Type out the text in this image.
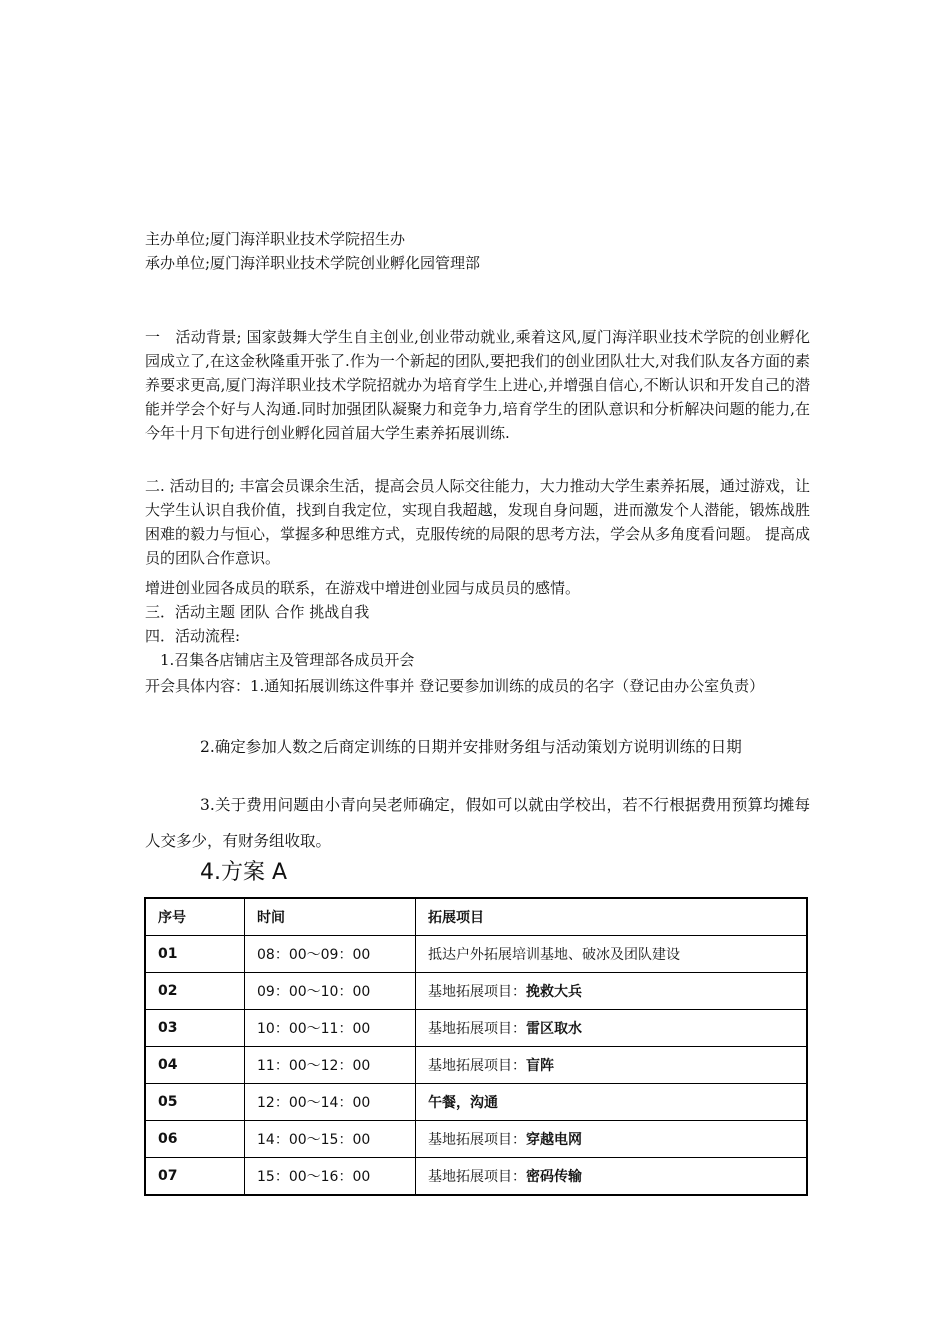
主办单位;厦门海洋职业技术学院招生办
承办单位;厦门海洋职业技术学院创业孵化园管理部
一　活动背景; 国家鼓舞大学生自主创业,创业带动就业,乘着这风,厦门海洋职业技术学院的创业孵化园成立了,在这金秋隆重开张了.作为一个新起的团队,要把我们的创业团队壮大,对我们队友各方面的素养要求更高,厦门海洋职业技术学院招就办为培育学生上进心,并增强自信心,不断认识和开发自己的潜能并学会个好与人沟通.同时加强团队凝聚力和竞争力,培育学生的团队意识和分析解决问题的能力,在今年十月下旬进行创业孵化园首届大学生素养拓展训练.
二. 活动目的; 丰富会员课余生活，提高会员人际交往能力，大力推动大学生素养拓展，通过游戏，让大学生认识自我价值，找到自我定位，实现自我超越，发现自身问题，进而激发个人潜能，锻炼战胜困难的毅力与恒心，掌握多种思维方式，克服传统的局限的思考方法，学会从多角度看问题。 提高成员的团队合作意识。
增进创业园各成员的联系，在游戏中增进创业园与成员员的感情。
三．活动主题 团队 合作 挑战自我
四．活动流程:
1.召集各店铺店主及管理部各成员开会
开会具体内容：1.通知拓展训练这件事并 登记要参加训练的成员的名字（登记由办公室负责）
2.确定参加人数之后商定训练的日期并安排财务组与活动策划方说明训练的日期
3.关于费用问题由小青向吴老师确定，假如可以就由学校出，若不行根据费用预算均摊每人交多少，有财务组收取。
4.方案 A
序号	时间	拓展项目
01	08：00～09：00	抵达户外拓展培训基地、破冰及团队建设
02	09：00～10：00	基地拓展项目：挽救大兵
03	10：00～11：00	基地拓展项目：雷区取水
04	11：00～12：00	基地拓展项目：盲阵
05	12：00～14：00	午餐，沟通
06	14：00～15：00	基地拓展项目：穿越电网
07	15：00～16：00	基地拓展项目：密码传输
